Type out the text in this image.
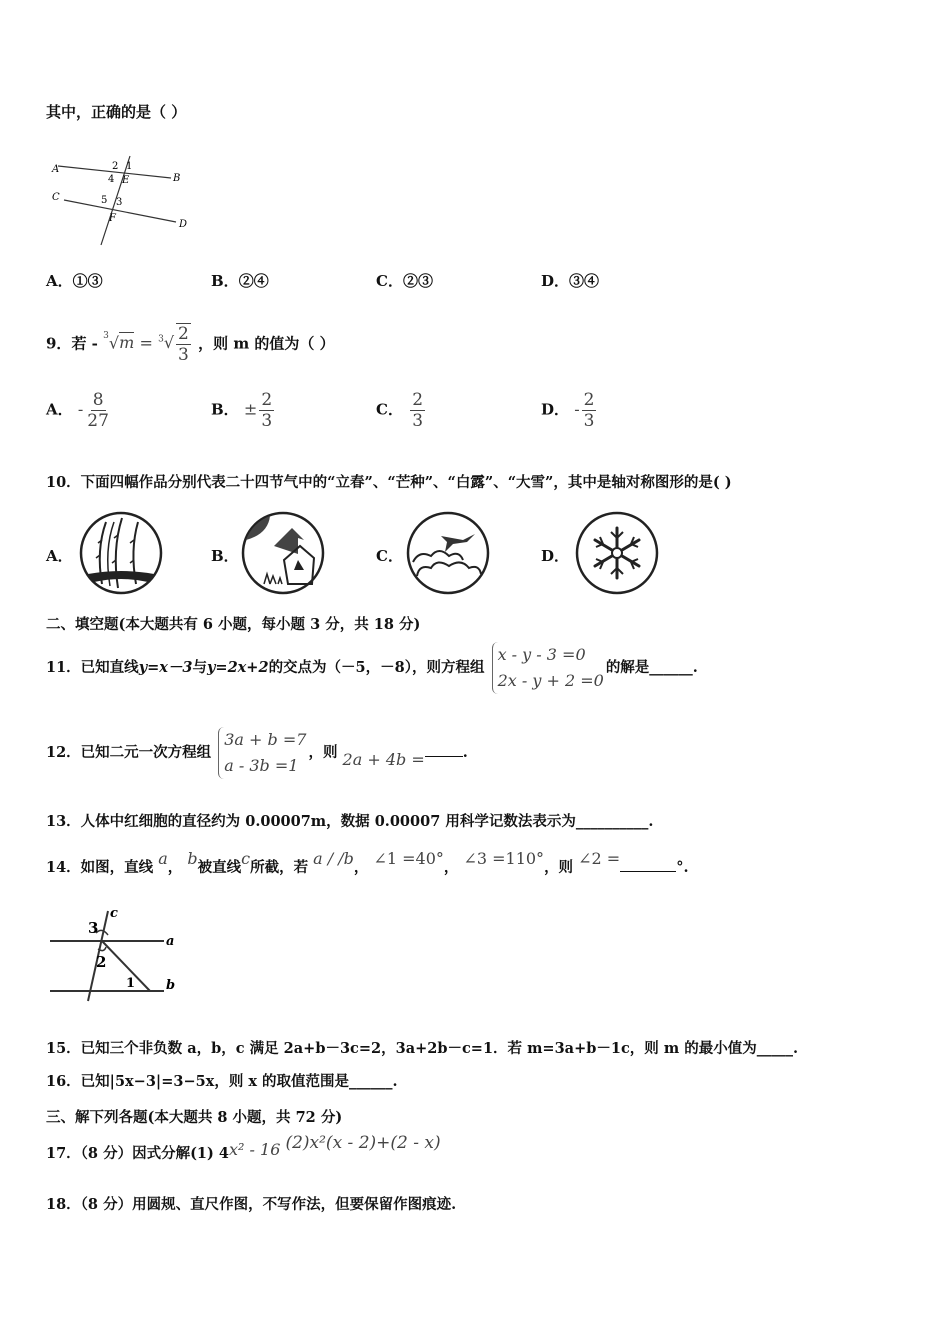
其中，正确的是（ ）
A
B
C
D
E
F
2 1
4
5 3
A．①③	B．②④	C．②③	D．③④
9．若 - $^3√m = ^3√ \frac{2}{3}$ ，则 m 的值为（ ）
A． - $\frac{8}{27}$	B． ± $\frac{2}{3}$	C． $\frac{2}{3}$	D． - $\frac{2}{3}$
10．下面四幅作品分别代表二十四节气中的“立春”、“芒种”、“白露”、“大雪”，其中是轴对称图形的是( )
A．	B．	C．	D．
二、填空题(本大题共有 6 小题，每小题 3 分，共 18 分)
11．已知直线y=x－3与y=2x+2的交点为（－5，－8），则方程组 x - y - 3 =0
2x - y + 2 =0的解是______.
12．已知二元一次方程组 3a + b =7
a - 3b =1，则 2a + 4b =	.
13．人体中红细胞的直径约为 0.00007m，数据 0.00007 用科学记数法表示为__________.
14．如图，直线 a， b被直线c所截，若 a / /b， ∠1 =40°， ∠3 =110°，则 ∠2 =	°.
c
a
b
3
2
1
15．已知三个非负数 a，b，c 满足 2a+b－3c=2，3a+2b－c=1．若 m=3a+b－1c，则 m 的最小值为_____.
16．已知|5x−3|=3−5x，则 x 的取值范围是______.
三、解下列各题(本大题共 8 小题，共 72 分)
17．（8 分）因式分解(1) 4x² - 16 (2)x²(x - 2)+(2 - x)
18．（8 分）用圆规、直尺作图，不写作法，但要保留作图痕迹.
